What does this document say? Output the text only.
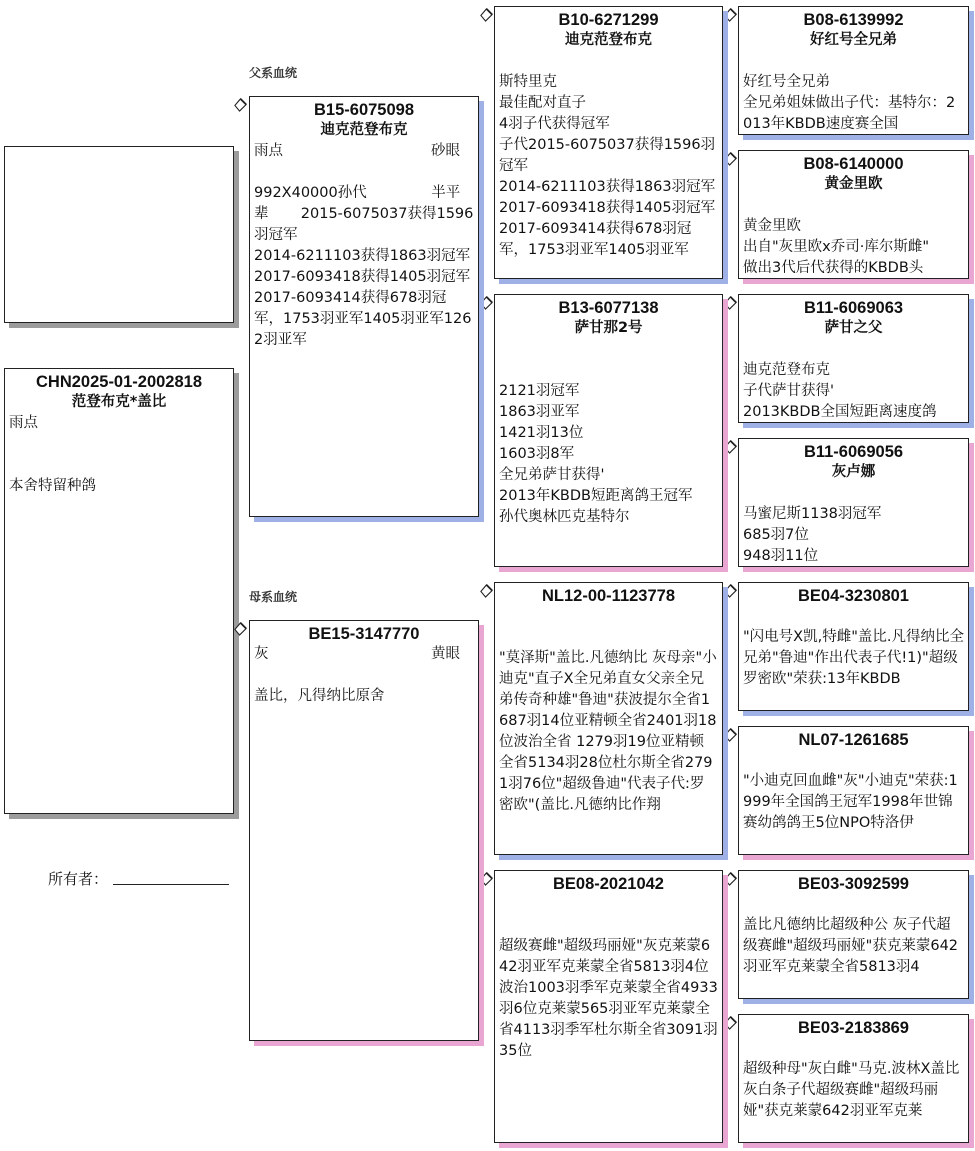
CHN2025-01-2002818
范登布克*盖比
雨点

本舍特留种鸽
所有者：
父系血统
母系血统
B15-6075098
迪克范登布克
雨点	砂眼

992X40000孙代              半平辈       2015-6075037获得1596羽冠军
2014-6211103获得1863羽冠军
2017-6093418获得1405羽冠军
2017-6093414获得678羽冠军，1753羽亚军1405羽亚军1262羽亚军
BE15-3147770
灰	黄眼

盖比，凡得纳比原舍
B10-6271299
迪克范登布克

斯特里克
最佳配对直子
4羽子代获得冠军
子代2015-6075037获得1596羽冠军
2014-6211103获得1863羽冠军
2017-6093418获得1405羽冠军
2017-6093414获得678羽冠军，1753羽亚军1405羽亚军
B13-6077138
萨甘那2号

2121羽冠军
1863羽亚军
1421羽13位
1603羽8军
全兄弟萨甘获得'
2013年KBDB短距离鸽王冠军
孙代奥林匹克基特尔
NL12-00-1123778

"莫泽斯"盖比.凡德纳比 灰母亲"小迪克"直子X全兄弟直女父亲全兄弟传奇种雄"鲁迪"获波提尔全省1687羽14位亚精顿全省2401羽18位波治全省 1279羽19位亚精顿全省5134羽28位杜尔斯全省2791羽76位"超级鲁迪"代表子代:罗密欧"(盖比.凡德纳比作翔
BE08-2021042

超级赛雌"超级玛丽娅"灰克莱蒙642羽亚军克莱蒙全省5813羽4位波治1003羽季军克莱蒙全省4933羽6位克莱蒙565羽亚军克莱蒙全省4113羽季军杜尔斯全省3091羽35位
B08-6139992
好红号全兄弟

好红号全兄弟
全兄弟姐妹做出子代：基特尔：2013年KBDB速度赛全国
B08-6140000
黄金里欧

黄金里欧
出自"灰里欧x乔司·库尔斯雌"
做出3代后代获得的KBDB头
B11-6069063
萨甘之父

迪克范登布克
子代萨甘获得'
2013KBDB全国短距离速度鸽
B11-6069056
灰卢娜

马蜜尼斯1138羽冠军
685羽7位
948羽11位
BE04-3230801

"闪电号X凯,特雌"盖比.凡得纳比全兄弟"鲁迪"作出代表子代!1)"超级罗密欧"荣获:13年KBDB
NL07-1261685

"小迪克回血雌"灰"小迪克"荣获:1999年全国鸽王冠军1998年世锦赛幼鸽鸽王5位NPO特洛伊
BE03-3092599

盖比凡德纳比超级种公 灰子代超级赛雌"超级玛丽娅"获克莱蒙642羽亚军克莱蒙全省5813羽4
BE03-2183869

超级种母"灰白雌"马克.波林X盖比 灰白条子代超级赛雌"超级玛丽娅"获克莱蒙642羽亚军克莱
